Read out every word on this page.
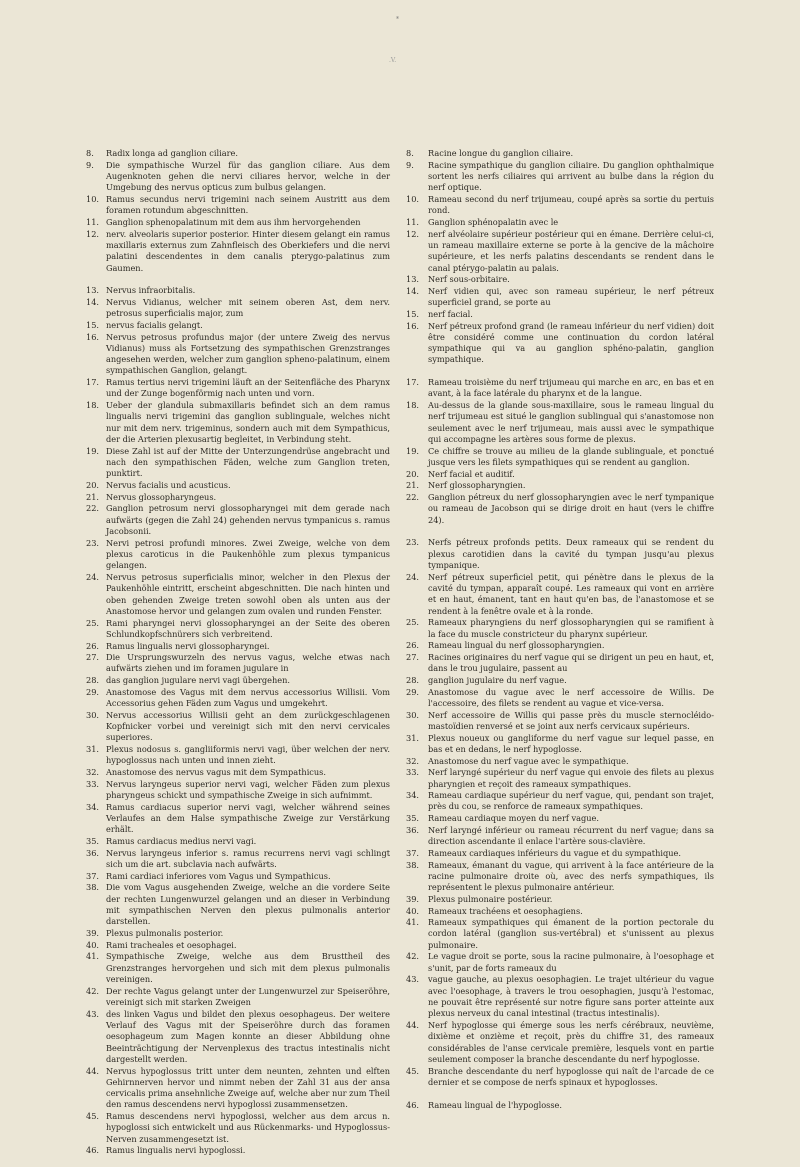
*
.V.
8. Radix longa ad ganglion ciliare.
9. Die sympathische Wurzel für das ganglion ciliare. Aus dem Augenknoten gehen die nervi ciliares hervor, welche in der Umgebung des nervus opticus zum bulbus gelangen.
10. Ramus secundus nervi trigemini nach seinem Austritt aus dem foramen rotundum abgeschnitten.
11. Ganglion sphenopalatinum mit dem aus ihm hervorgehenden
12. nerv. alveolaris superior posterior. Hinter diesem gelangt ein ramus maxillaris externus zum Zahnfleisch des Oberkiefers und die nervi palatini descendentes in dem canalis pterygo-palatinus zum Gaumen.
13. Nervus infraorbitalis.
14. Nervus Vidianus, welcher mit seinem oberen Ast, dem nerv. petrosus superficialis major, zum
15. nervus facialis gelangt.
16. Nervus petrosus profundus major (der untere Zweig des nervus Vidianus) muss als Fortsetzung des sympathischen Grenzstranges angesehen werden, welcher zum ganglion spheno-palatinum, einem sympathischen Ganglion, gelangt.
17. Ramus tertius nervi trigemini läuft an der Seitenfläche des Pharynx und der Zunge bogenförmig nach unten und vorn.
18. Ueber der glandula submaxillaris befindet sich an dem ramus lingualis nervi trigemini das ganglion sublinguale, welches nicht nur mit dem nerv. trigeminus, sondern auch mit dem Sympathicus, der die Arterien plexusartig begleitet, in Verbindung steht.
19. Diese Zahl ist auf der Mitte der Unterzungendrüse angebracht und nach den sympathischen Fäden, welche zum Ganglion treten, punktirt.
20. Nervus facialis und acusticus.
21. Nervus glossopharyngeus.
22. Ganglion petrosum nervi glossopharyngei mit dem gerade nach aufwärts (gegen die Zahl 24) gehenden nervus tympanicus s. ramus Jacobsonii.
23. Nervi petrosi profundi minores. Zwei Zweige, welche von dem plexus caroticus in die Paukenhöhle zum plexus tympanicus gelangen.
24. Nervus petrosus superficialis minor, welcher in den Plexus der Paukenhöhle eintritt, erscheint abgeschnitten. Die nach hinten und oben gehenden Zweige treten sowohl oben als unten aus der Anastomose hervor und gelangen zum ovalen und runden Fenster.
25. Rami pharyngei nervi glossopharyngei an der Seite des oberen Schlundkopfschnürers sich verbreitend.
26. Ramus lingualis nervi glossopharyngei.
27. Die Ursprungswurzeln des nervus vagus, welche etwas nach aufwärts ziehen und im foramen jugulare in
28. das ganglion jugulare nervi vagi übergehen.
29. Anastomose des Vagus mit dem nervus accessorius Willisii. Vom Accessorius gehen Fäden zum Vagus und umgekehrt.
30. Nervus accessorius Willisii geht an dem zurückgeschlagenen Kopfnicker vorbei und vereinigt sich mit den nervi cervicales superiores.
31. Plexus nodosus s. gangliiformis nervi vagi, über welchen der nerv. hypoglossus nach unten und innen zieht.
32. Anastomose des nervus vagus mit dem Sympathicus.
33. Nervus laryngeus superior nervi vagi, welcher Fäden zum plexus pharyngeus schickt und sympathische Zweige in sich aufnimmt.
34. Ramus cardiacus superior nervi vagi, welcher während seines Verlaufes an dem Halse sympathische Zweige zur Verstärkung erhält.
35. Ramus cardiacus medius nervi vagi.
36. Nervus laryngeus inferior s. ramus recurrens nervi vagi schlingt sich um die art. subclavia nach aufwärts.
37. Rami cardiaci inferiores vom Vagus und Sympathicus.
38. Die vom Vagus ausgehenden Zweige, welche an die vordere Seite der rechten Lungenwurzel gelangen und an dieser in Verbindung mit sympathischen Nerven den plexus pulmonalis anterior darstellen.
39. Plexus pulmonalis posterior.
40. Rami tracheales et oesophagei.
41. Sympathische Zweige, welche aus dem Brusttheil des Grenzstranges hervorgehen und sich mit dem plexus pulmonalis vereinigen.
42. Der rechte Vagus gelangt unter der Lungenwurzel zur Speiseröhre, vereinigt sich mit starken Zweigen
43. des linken Vagus und bildet den plexus oesophageus. Der weitere Verlauf des Vagus mit der Speiseröhre durch das foramen oesophageum zum Magen konnte an dieser Abbildung ohne Beeinträchtigung der Nervenplexus des tractus intestinalis nicht dargestellt werden.
44. Nervus hypoglossus tritt unter dem neunten, zehnten und elften Gehirnnerven hervor und nimmt neben der Zahl 31 aus der ansa cervicalis prima ansehnliche Zweige auf, welche aber nur zum Theil den ramus descendens nervi hypoglossi zusammensetzen.
45. Ramus descendens nervi hypoglossi, welcher aus dem arcus n. hypoglossi sich entwickelt und aus Rückenmarks- und Hypoglossus-Nerven zusammengesetzt ist.
46. Ramus lingualis nervi hypoglossi.
8. Racine longue du ganglion ciliaire.
9. Racine sympathique du ganglion ciliaire. Du ganglion ophthalmique sortent les nerfs ciliaires qui arrivent au bulbe dans la région du nerf optique.
10. Rameau second du nerf trijumeau, coupé après sa sortie du pertuis rond.
11. Ganglion sphénopalatin avec le
12. nerf alvéolaire supérieur postérieur qui en émane. Derrière celui-ci, un rameau maxillaire externe se porte à la gencive de la mâchoire supérieure, et les nerfs palatins descendants se rendent dans le canal ptérygo-palatin au palais.
13. Nerf sous-orbitaire.
14. Nerf vidien qui, avec son rameau supérieur, le nerf pétreux superficiel grand, se porte au
15. nerf facial.
16. Nerf pétreux profond grand (le rameau inférieur du nerf vidien) doit être considéré comme une continuation du cordon latéral sympathique qui va au ganglion sphéno-palatin, ganglion sympathique.
17. Rameau troisième du nerf trijumeau qui marche en arc, en bas et en avant, à la face latérale du pharynx et de la langue.
18. Au-dessus de la glande sous-maxillaire, sous le rameau lingual du nerf trijumeau est situé le ganglion sublingual qui s'anastomose non seulement avec le nerf trijumeau, mais aussi avec le sympathique qui accompagne les artères sous forme de plexus.
19. Ce chiffre se trouve au milieu de la glande sublinguale, et ponctué jusque vers les filets sympathiques qui se rendent au ganglion.
20. Nerf facial et auditif.
21. Nerf glossopharyngien.
22. Ganglion pétreux du nerf glossopharyngien avec le nerf tympanique ou rameau de Jacobson qui se dirige droit en haut (vers le chiffre 24).
23. Nerfs pétreux profonds petits. Deux rameaux qui se rendent du plexus carotidien dans la cavité du tympan jusqu'au plexus tympanique.
24. Nerf pétreux superficiel petit, qui pénètre dans le plexus de la cavité du tympan, apparaît coupé. Les rameaux qui vont en arrière et en haut, émanent, tant en haut qu'en bas, de l'anastomose et se rendent à la fenêtre ovale et à la ronde.
25. Rameaux pharyngiens du nerf glossopharyngien qui se ramifient à la face du muscle constricteur du pharynx supérieur.
26. Rameau lingual du nerf glossopharyngien.
27. Racines originaires du nerf vague qui se dirigent un peu en haut, et, dans le trou jugulaire, passent au
28. ganglion jugulaire du nerf vague.
29. Anastomose du vague avec le nerf accessoire de Willis. De l'accessoire, des filets se rendent au vague et vice-versa.
30. Nerf accessoire de Willis qui passe près du muscle sternocléido-mastoïdien renversé et se joint aux nerfs cervicaux supérieurs.
31. Plexus noueux ou gangliforme du nerf vague sur lequel passe, en bas et en dedans, le nerf hypoglosse.
32. Anastomose du nerf vague avec le sympathique.
33. Nerf laryngé supérieur du nerf vague qui envoie des filets au plexus pharyngien et reçoit des rameaux sympathiques.
34. Rameau cardiaque supérieur du nerf vague, qui, pendant son trajet, près du cou, se renforce de rameaux sympathiques.
35. Rameau cardiaque moyen du nerf vague.
36. Nerf laryngé inférieur ou rameau récurrent du nerf vague; dans sa direction ascendante il enlace l'artère sous-clavière.
37. Rameaux cardiaques inférieurs du vague et du sympathique.
38. Rameaux, émanant du vague, qui arrivent à la face antérieure de la racine pulmonaire droite où, avec des nerfs sympathiques, ils représentent le plexus pulmonaire antérieur.
39. Plexus pulmonaire postérieur.
40. Rameaux trachéens et oesophagiens.
41. Rameaux sympathiques qui émanent de la portion pectorale du cordon latéral (ganglion sus-vertébral) et s'unissent au plexus pulmonaire.
42. Le vague droit se porte, sous la racine pulmonaire, à l'oesophage et s'unit, par de forts rameaux du
43. vague gauche, au plexus oesophagien. Le trajet ultérieur du vague avec l'oesophage, à travers le trou oesophagien, jusqu'à l'estomac, ne pouvait être représenté sur notre figure sans porter atteinte aux plexus nerveux du canal intestinal (tractus intestinalis).
44. Nerf hypoglosse qui émerge sous les nerfs cérébraux, neuvième, dixième et onzième et reçoit, près du chiffre 31, des rameaux considérables de l'anse cervicale première, lesquels vont en partie seulement composer la branche descendante du nerf hypoglosse.
45. Branche descendante du nerf hypoglosse qui naît de l'arcade de ce dernier et se compose de nerfs spinaux et hypoglosses.
46. Rameau lingual de l'hypoglosse.
